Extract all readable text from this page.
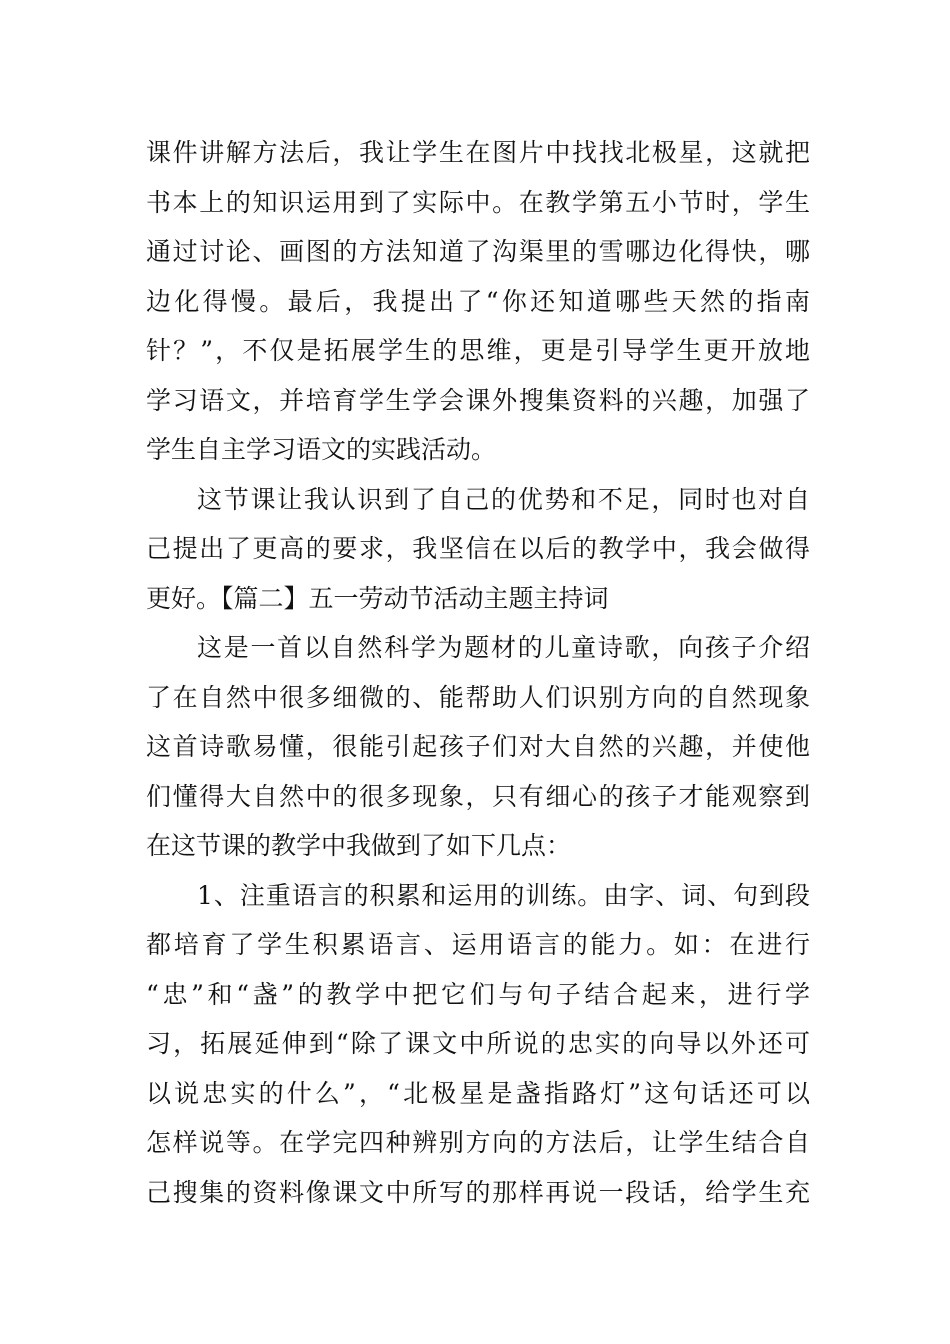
课件讲解方法后，我让学生在图片中找找北极星，这就把
书本上的知识运用到了实际中。在教学第五小节时，学生
通过讨论、画图的方法知道了沟渠里的雪哪边化得快，哪
边化得慢。最后，我提出了“你还知道哪些天然的指南
针？”，不仅是拓展学生的思维，更是引导学生更开放地
学习语文，并培育学生学会课外搜集资料的兴趣，加强了
学生自主学习语文的实践活动。
这节课让我认识到了自己的优势和不足，同时也对自
己提出了更高的要求，我坚信在以后的教学中，我会做得
更好。【篇二】五一劳动节活动主题主持词
这是一首以自然科学为题材的儿童诗歌，向孩子介绍
了在自然中很多细微的、能帮助人们识别方向的自然现象
这首诗歌易懂，很能引起孩子们对大自然的兴趣，并使他
们懂得大自然中的很多现象，只有细心的孩子才能观察到
在这节课的教学中我做到了如下几点：
1、注重语言的积累和运用的训练。由字、词、句到段
都培育了学生积累语言、运用语言的能力。如：在进行
“忠”和“盏”的教学中把它们与句子结合起来，进行学
习，拓展延伸到“除了课文中所说的忠实的向导以外还可
以说忠实的什么”，“北极星是盏指路灯”这句话还可以
怎样说等。在学完四种辨别方向的方法后，让学生结合自
己搜集的资料像课文中所写的那样再说一段话，给学生充
